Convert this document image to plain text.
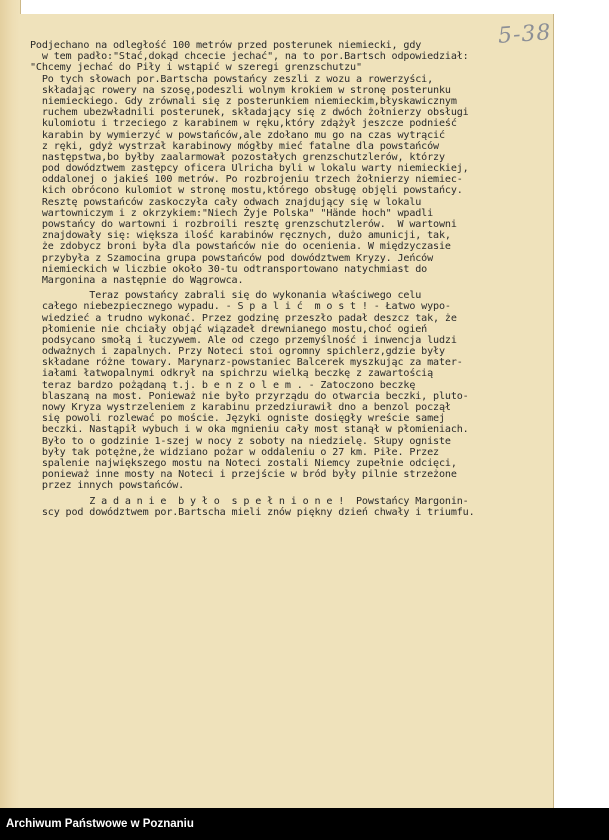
5-38
Podjechano na odległość 100 metrów przed posterunek niemiecki, gdy
w tem padło:"Stać,dokąd chcecie jechać", na to por.Bartsch odpowiedział:
"Chcemy jechać do Piły i wstąpić w szeregi grenzschutzu"
Po tych słowach por.Bartscha powstańcy zeszli z wozu a rowerzyści,
składając rowery na szosę,podeszli wolnym krokiem w stronę posterunku
niemieckiego. Gdy zrównali się z posterunkiem niemieckim,błyskawicznym
ruchem ubezwładnili posterunek, składający się z dwóch żołnierzy obsługi
kulomiotu i trzeciego z karabinem w ręku,który zdążył jeszcze podnieść
karabin by wymierzyć w powstańców,ale zdołano mu go na czas wytrącić
z ręki, gdyż wystrzał karabinowy mógłby mieć fatalne dla powstańców
następstwa,bo byłby zaalarmował pozostałych grenzschutzlerów, którzy
pod dowództwem zastępcy oficera Ulricha byli w lokalu warty niemieckiej,
oddalonej o jakieś 100 metrów. Po rozbrojeniu trzech żołnierzy niemiec-
kich obrócono kulomiot w stronę mostu,którego obsługę objęli powstańcy.
Resztę powstańców zaskoczyła cały odwach znajdujący się w lokalu
wartowniczym i z okrzykiem:"Niech Żyje Polska" "Hände hoch" wpadli
powstańcy do wartowni i rozbroili resztę grenzschutzlerów.  W wartowni
znajdowały się: większa ilość karabinów ręcznych, dużo amunicji, tak,
że zdobycz broni była dla powstańców nie do ocenienia. W międzyczasie
przybyła z Szamocina grupa powstańców pod dowództwem Kryzy. Jeńców
niemieckich w liczbie około 30-tu odtransportowano natychmiast do
Margonina a następnie do Wągrowca.
Teraz powstańcy zabrali się do wykonania właściwego celu
całego niebezpiecznego wypadu. - S p a l i ć  m o s t ! - Łatwo wypo-
wiedzieć a trudno wykonać. Przez godzinę przeszło padał deszcz tak, że
płomienie nie chciały objąć wiązadeł drewnianego mostu,choć ogień
podsycano smołą i łuczywem. Ale od czego przemyślność i inwencja ludzi
odważnych i zapalnych. Przy Noteci stoi ogromny spichlerz,gdzie były
składane różne towary. Marynarz-powstaniec Balcerek myszkując za mater-
iałami łatwopalnymi odkrył na spichrzu wielką beczkę z zawartością
teraz bardzo pożądaną t.j. b e n z o l e m . - Zatoczono beczkę
blaszaną na most. Ponieważ nie było przyrządu do otwarcia beczki, pluto-
nowy Kryza wystrzeleniem z karabinu przedziurawił dno a benzol począł
się powoli rozlewać po moście. Języki ogniste dosięgły wreście samej
beczki. Nastąpił wybuch i w oka mgnieniu cały most stanął w płomieniach.
Było to o godzinie 1-szej w nocy z soboty na niedzielę. Słupy ogniste
były tak potężne,że widziano pożar w oddaleniu o 27 km. Piłe. Przez
spalenie największego mostu na Noteci zostali Niemcy zupełnie odcięci,
ponieważ inne mosty na Noteci i przejście w bród były pilnie strzeżone
przez innych powstańców.
Z a d a n i e  b y ł o  s p e ł n i o n e !  Powstańcy Margonin-
scy pod dowództwem por.Bartscha mieli znów piękny dzień chwały i triumfu.
Archiwum Państwowe w Poznaniu
